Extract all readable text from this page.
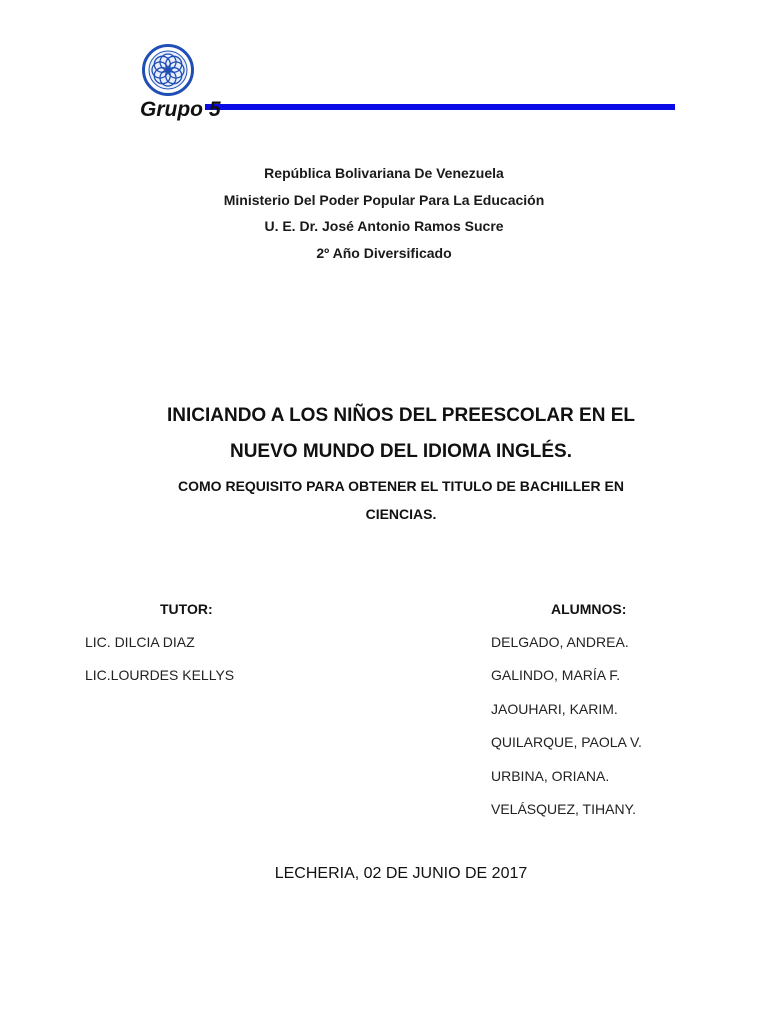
Grupo 5
República Bolivariana De Venezuela
Ministerio Del Poder Popular Para La Educación
U. E. Dr. José Antonio Ramos Sucre
2º Año Diversificado
INICIANDO A LOS NIÑOS DEL PREESCOLAR EN EL
NUEVO MUNDO DEL IDIOMA INGLÉS.
COMO REQUISITO PARA OBTENER EL TITULO DE BACHILLER EN
CIENCIAS.
TUTOR:
LIC. DILCIA DIAZ
LIC.LOURDES KELLYS
ALUMNOS:
DELGADO, ANDREA.
GALINDO, MARÍA F.
JAOUHARI, KARIM.
QUILARQUE, PAOLA V.
URBINA, ORIANA.
VELÁSQUEZ, TIHANY.
LECHERIA, 02 DE JUNIO DE 2017
